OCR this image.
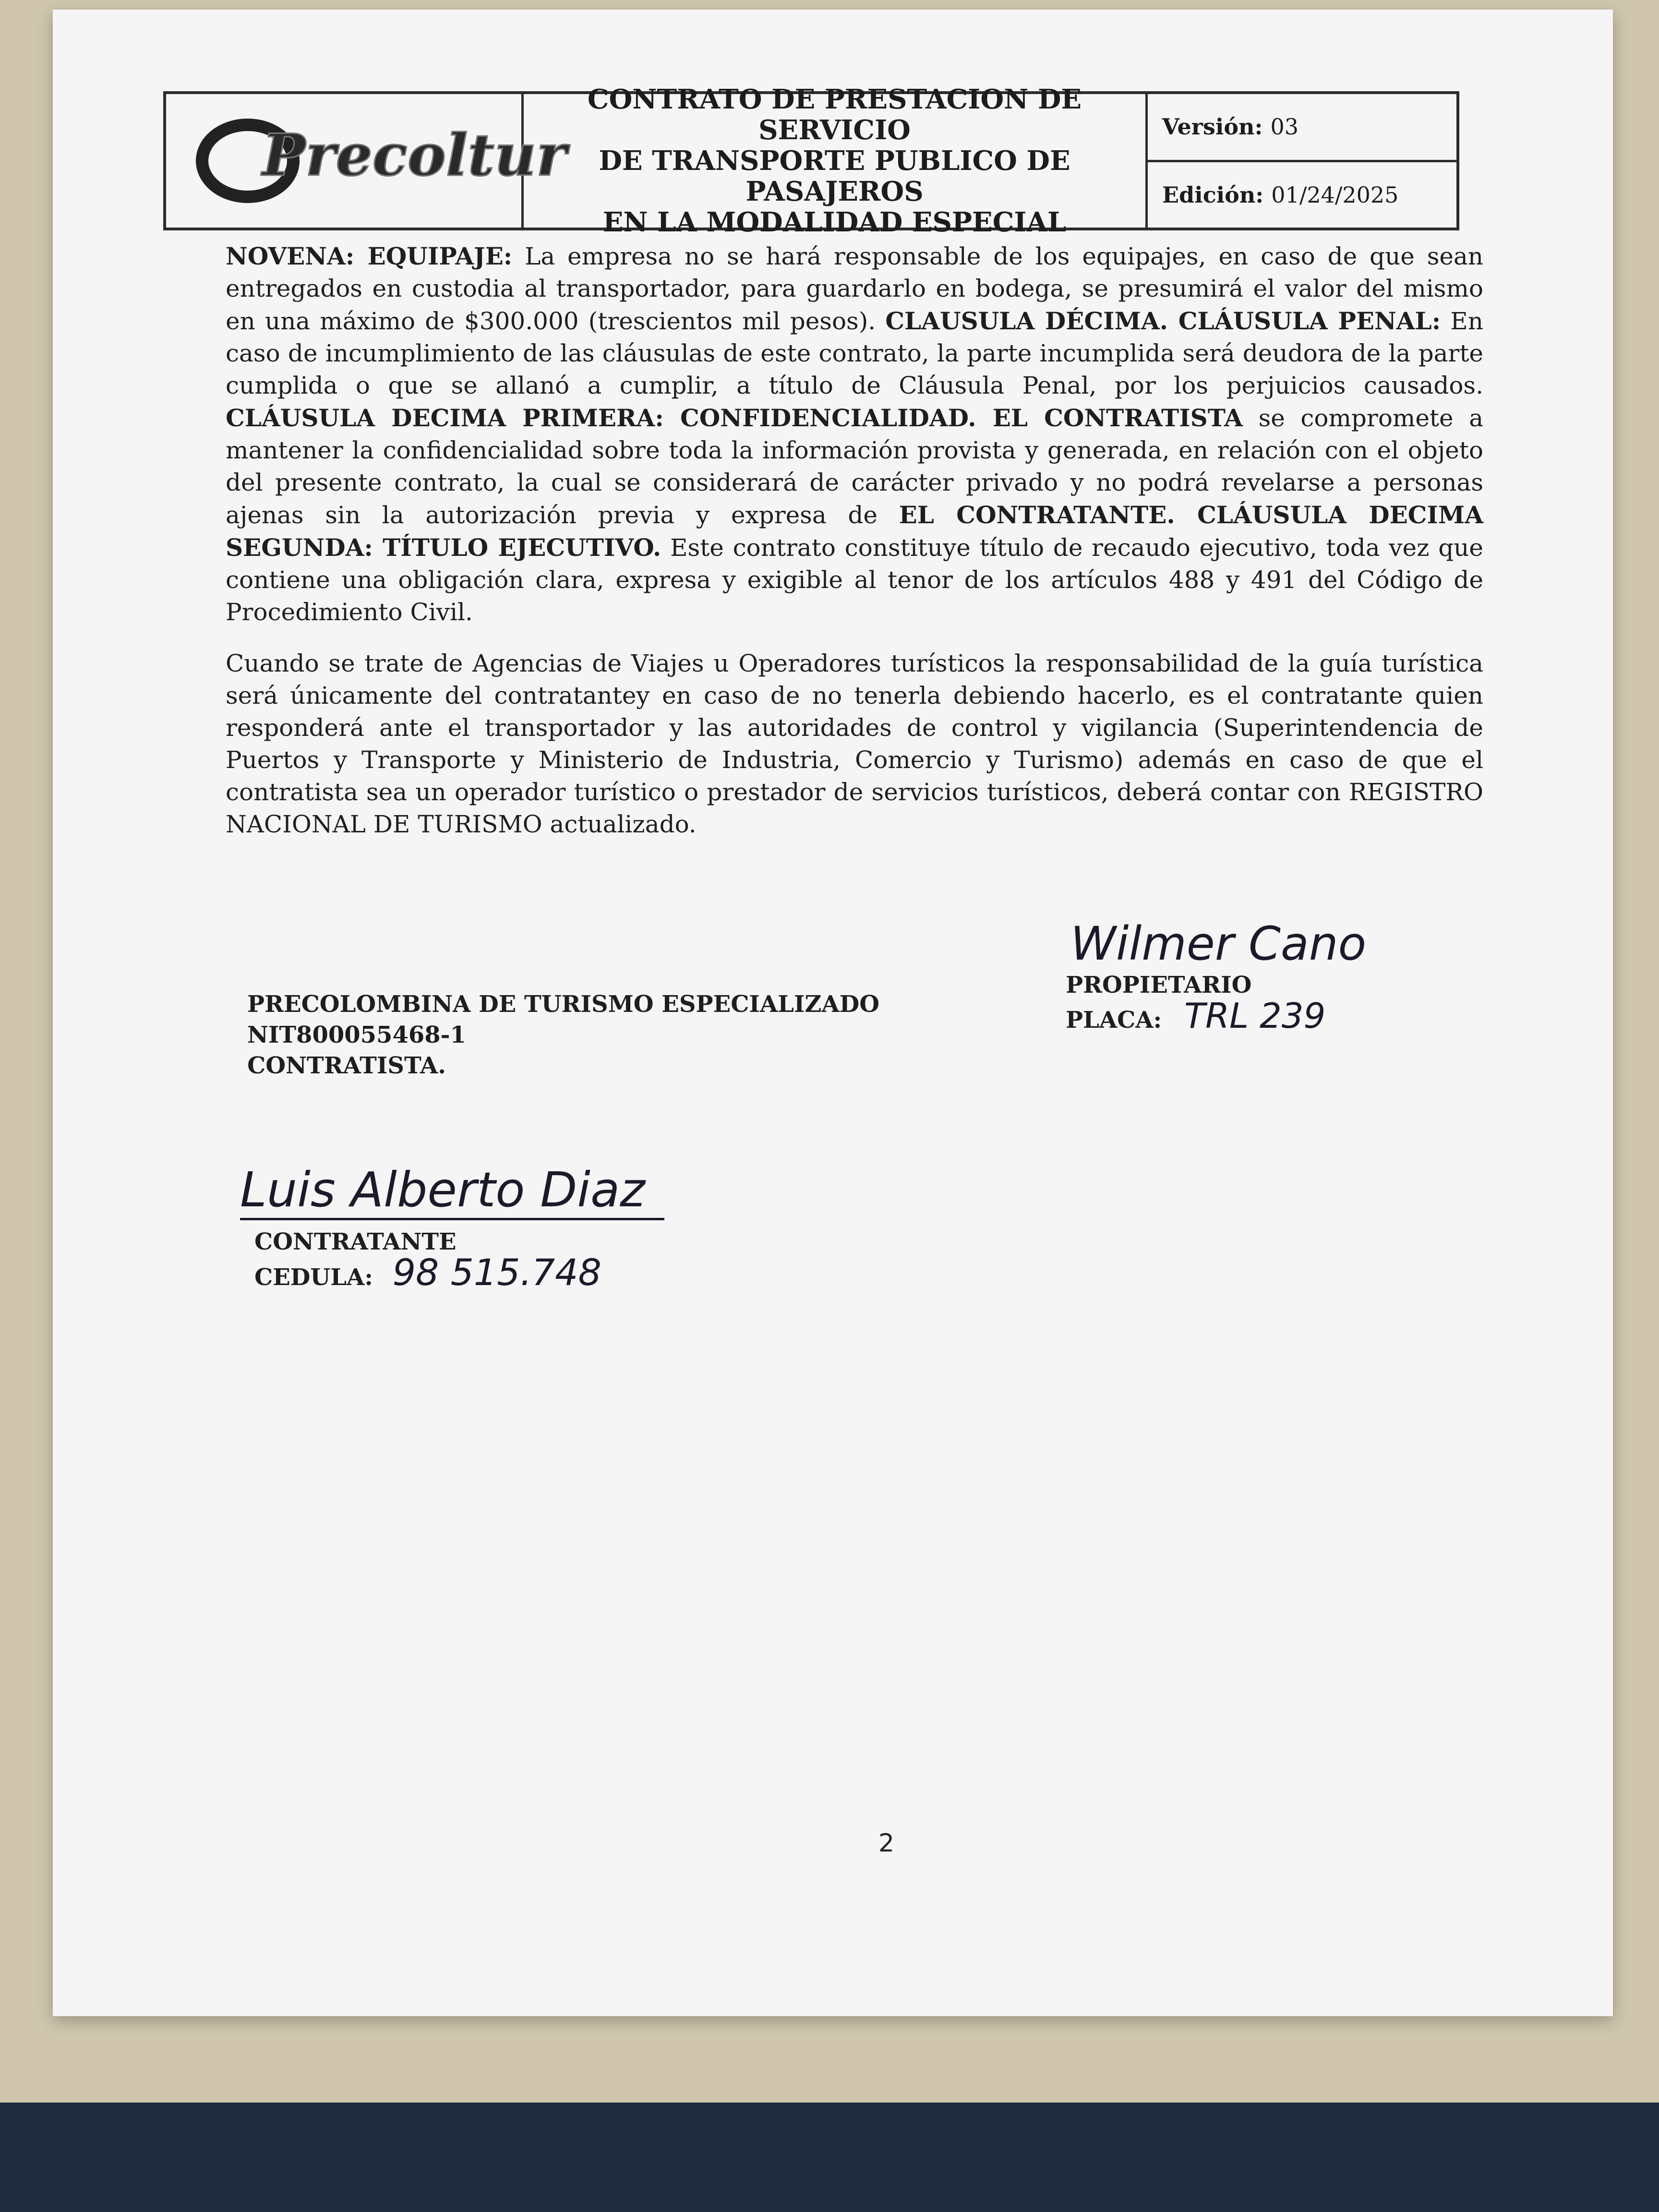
Precoltur
CONTRATO DE PRESTACION DE SERVICIO
DE TRANSPORTE PUBLICO DE PASAJEROS
EN LA MODALIDAD ESPECIAL
Versión: 03
Edición: 01/24/2025

NOVENA: EQUIPAJE: La empresa no se hará responsable de los equipajes, en caso de que sean entregados en custodia al transportador, para guardarlo en bodega, se presumirá el valor del mismo en una máximo de $300.000 (trescientos mil pesos). CLAUSULA DÉCIMA. CLÁUSULA PENAL: En caso de incumplimiento de las cláusulas de este contrato, la parte incumplida será deudora de la parte cumplida o que se allanó a cumplir, a título de Cláusula Penal, por los perjuicios causados. CLÁUSULA DECIMA PRIMERA: CONFIDENCIALIDAD. EL CONTRATISTA se compromete a mantener la confidencialidad sobre toda la información provista y generada, en relación con el objeto del presente contrato, la cual se considerará de carácter privado y no podrá revelarse a personas ajenas sin la autorización previa y expresa de EL CONTRATANTE. CLÁUSULA DECIMA SEGUNDA: TÍTULO EJECUTIVO. Este contrato constituye título de recaudo ejecutivo, toda vez que contiene una obligación clara, expresa y exigible al tenor de los artículos 488 y 491 del Código de Procedimiento Civil.

Cuando se trate de Agencias de Viajes u Operadores turísticos la responsabilidad de la guía turística será únicamente del contratantey en caso de no tenerla debiendo hacerlo, es el contratante quien responderá ante el transportador y las autoridades de control y vigilancia (Superintendencia de Puertos y Transporte y Ministerio de Industria, Comercio y Turismo) además en caso de que el contratista sea un operador turístico o prestador de servicios turísticos, deberá contar con REGISTRO NACIONAL DE TURISMO actualizado.

Wilmer Cano
PROPIETARIO
PLACA: TRL 239
PRECOLOMBINA DE TURISMO ESPECIALIZADO
NIT800055468-1
CONTRATISTA.
Luis Alberto Diaz
CONTRATANTE
CEDULA: 98 515.748
2
